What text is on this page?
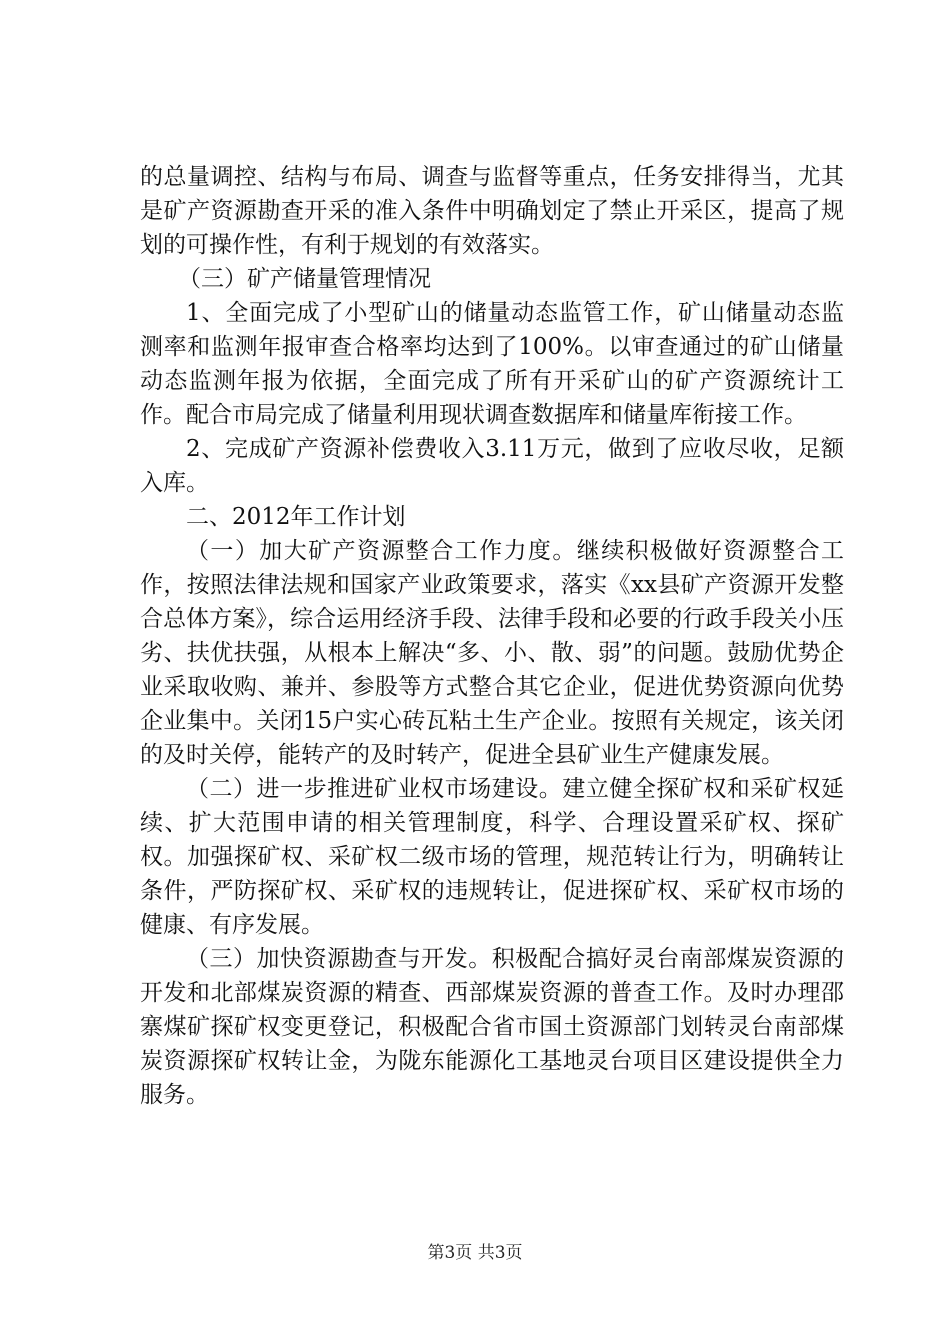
的总量调控、结构与布局、调查与监督等重点，任务安排得当，尤其是矿产资源勘查开采的准入条件中明确划定了禁止开采区，提高了规划的可操作性，有利于规划的有效落实。

（三）矿产储量管理情况

1、全面完成了小型矿山的储量动态监管工作，矿山储量动态监测率和监测年报审查合格率均达到了100%。以审查通过的矿山储量动态监测年报为依据，全面完成了所有开采矿山的矿产资源统计工作。配合市局完成了储量利用现状调查数据库和储量库衔接工作。

2、完成矿产资源补偿费收入3.11万元，做到了应收尽收，足额入库。

二、2012年工作计划

（一）加大矿产资源整合工作力度。继续积极做好资源整合工作，按照法律法规和国家产业政策要求，落实《xx县矿产资源开发整合总体方案》，综合运用经济手段、法律手段和必要的行政手段关小压劣、扶优扶强，从根本上解决“多、小、散、弱”的问题。鼓励优势企业采取收购、兼并、参股等方式整合其它企业，促进优势资源向优势企业集中。关闭15户实心砖瓦粘土生产企业。按照有关规定，该关闭的及时关停，能转产的及时转产，促进全县矿业生产健康发展。

（二）进一步推进矿业权市场建设。建立健全探矿权和采矿权延续、扩大范围申请的相关管理制度，科学、合理设置采矿权、探矿权。加强探矿权、采矿权二级市场的管理，规范转让行为，明确转让条件，严防探矿权、采矿权的违规转让，促进探矿权、采矿权市场的健康、有序发展。

（三）加快资源勘查与开发。积极配合搞好灵台南部煤炭资源的开发和北部煤炭资源的精查、西部煤炭资源的普查工作。及时办理邵寨煤矿探矿权变更登记，积极配合省市国土资源部门划转灵台南部煤炭资源探矿权转让金，为陇东能源化工基地灵台项目区建设提供全力服务。

第3页 共3页
